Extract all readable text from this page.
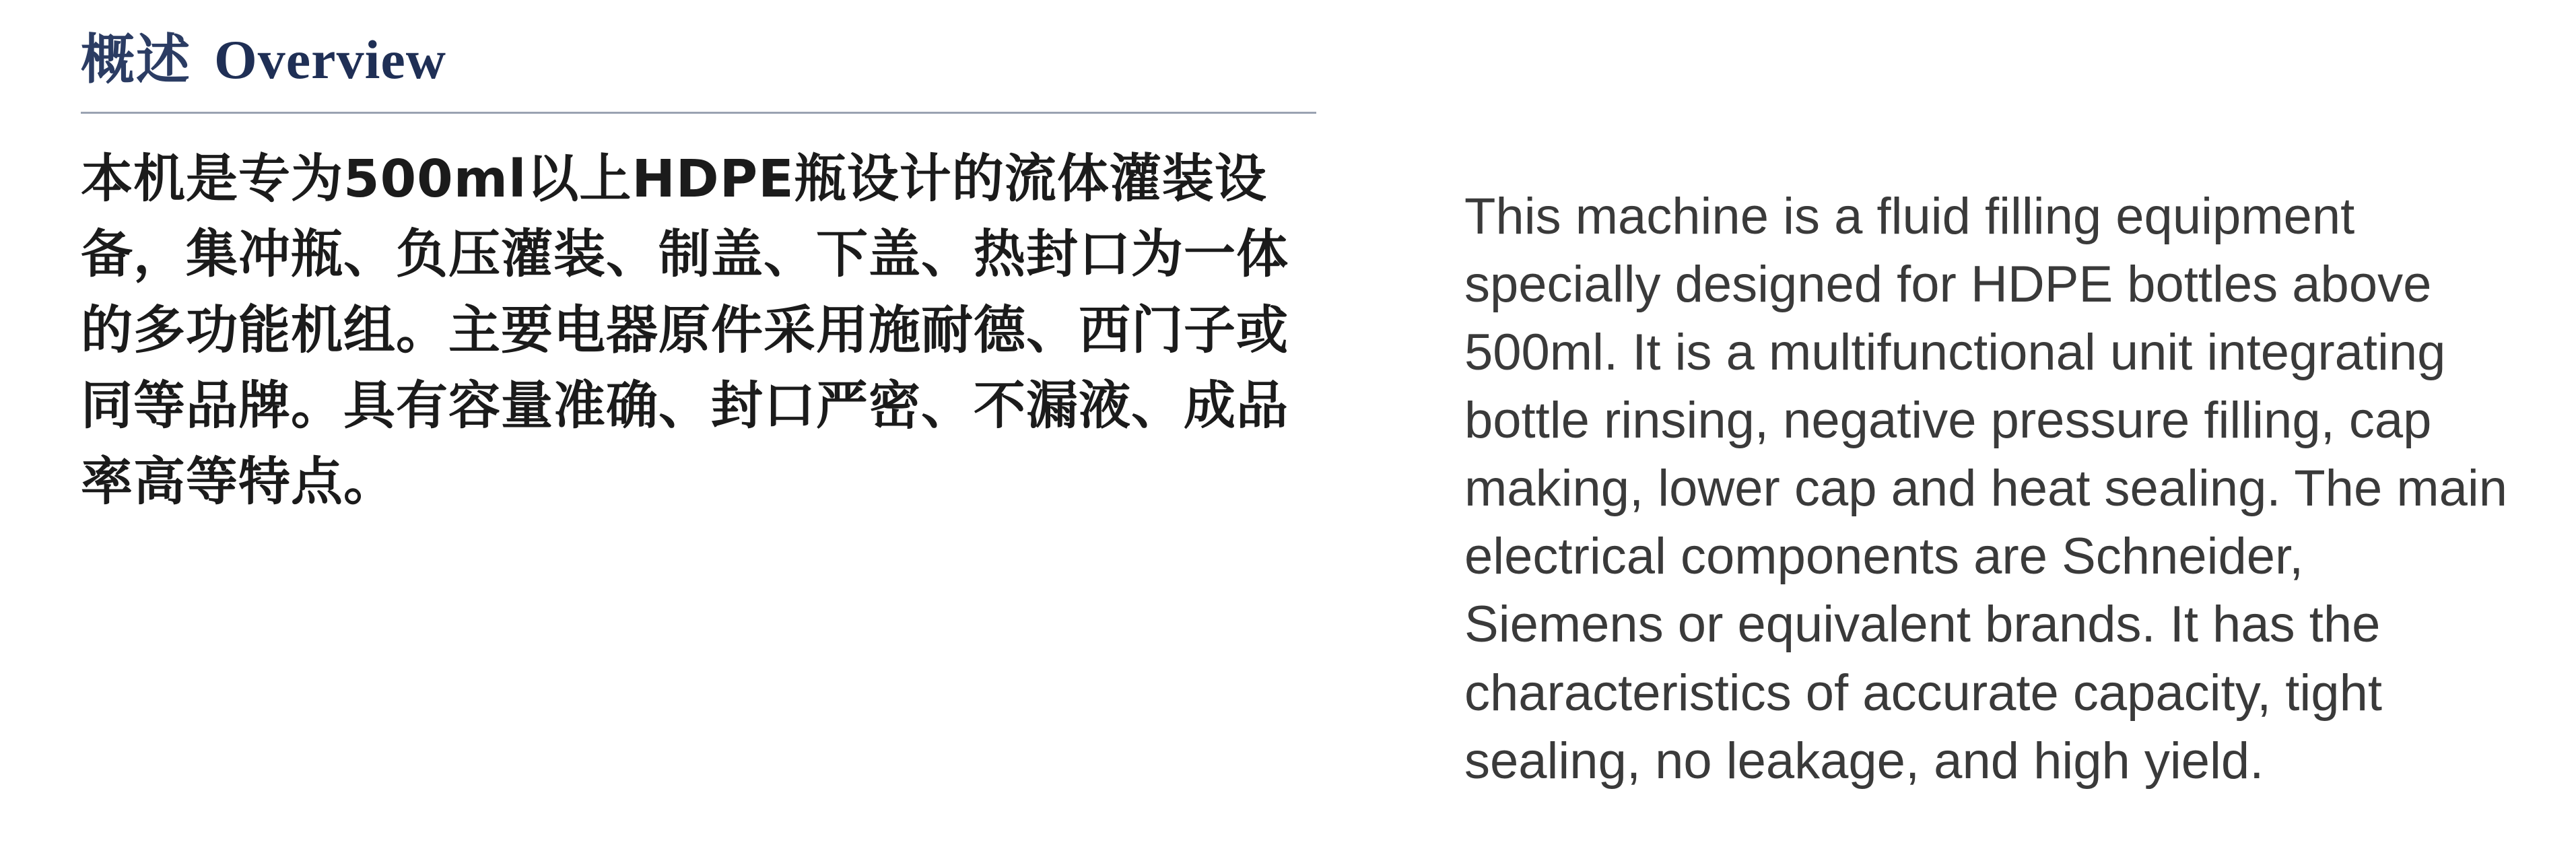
概述 Overview

本机是专为500ml以上HDPE瓶设计的流体灌装设备，集冲瓶、负压灌装、制盖、下盖、热封口为一体的多功能机组。主要电器原件采用施耐德、西门子或同等品牌。具有容量准确、封口严密、不漏液、成品率高等特点。

This machine is a fluid filling equipment specially designed for HDPE bottles above 500ml. It is a multifunctional unit integrating bottle rinsing, negative pressure filling, cap making, lower cap and heat sealing. The main electrical components are Schneider, Siemens or equivalent brands. It has the characteristics of accurate capacity, tight sealing, no leakage, and high yield.
